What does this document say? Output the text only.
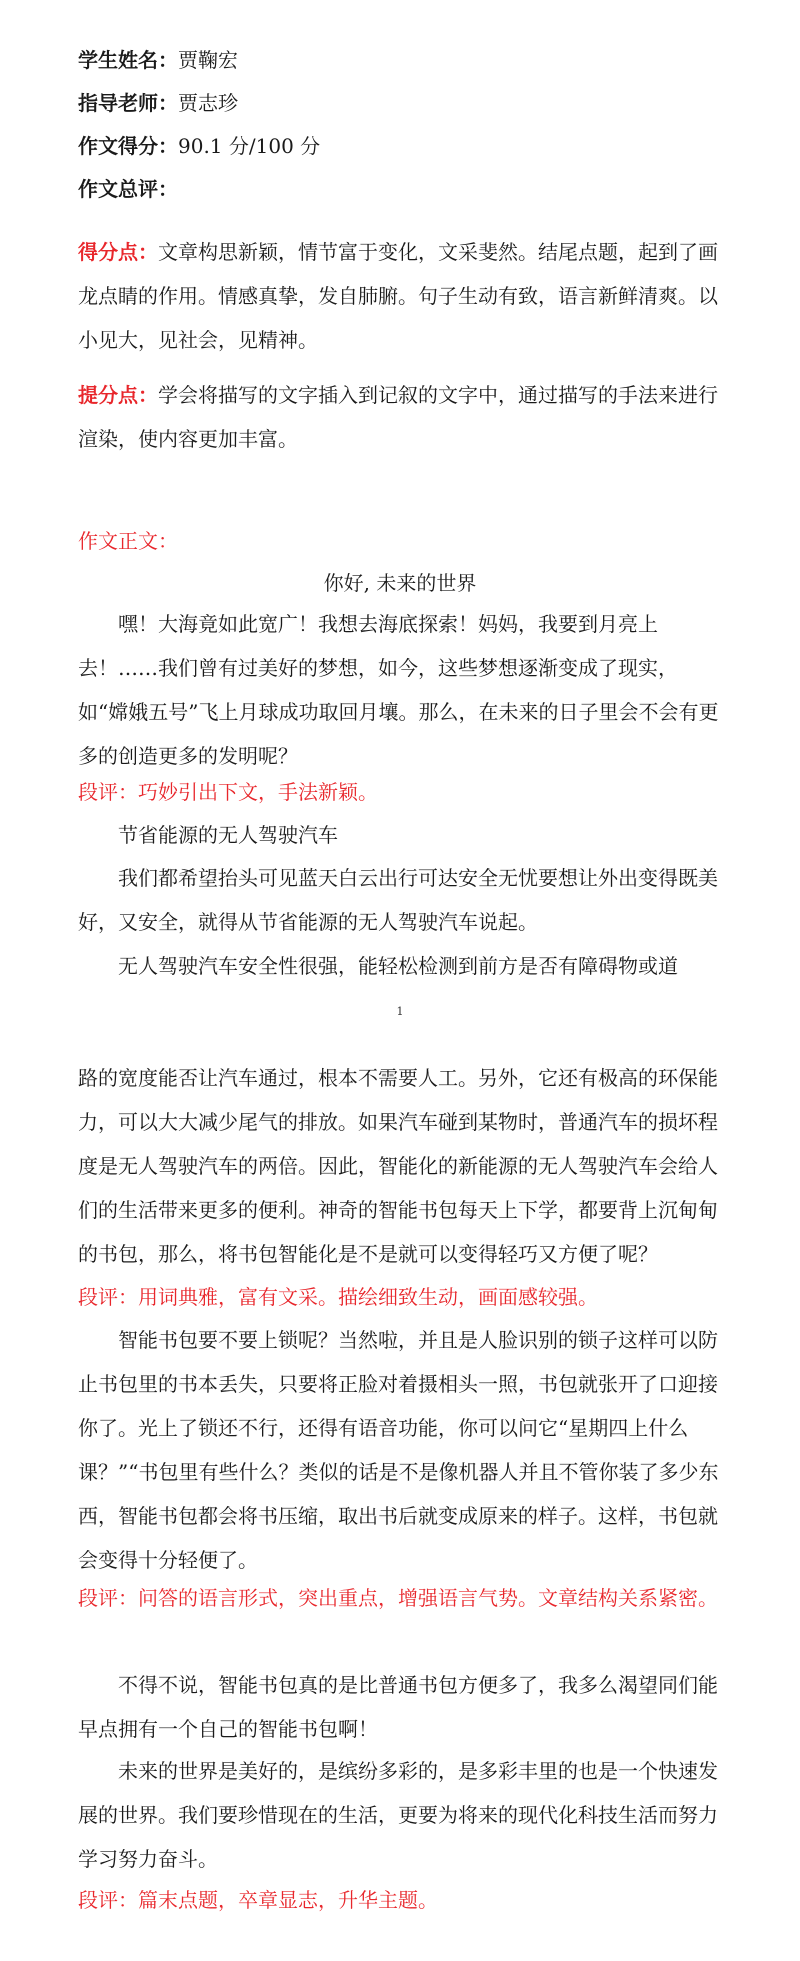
学生姓名：贾鞠宏
指导老师：贾志珍
作文得分：90.1 分/100 分
作文总评：
得分点：文章构思新颖，情节富于变化，文采斐然。结尾点题，起到了画龙点睛的作用。情感真挚，发自肺腑。句子生动有致，语言新鲜清爽。以小见大，见社会，见精神。
提分点：学会将描写的文字插入到记叙的文字中，通过描写的手法来进行渲染，使内容更加丰富。
作文正文：
你好, 未来的世界
嘿！大海竟如此宽广！我想去海底探索！妈妈，我要到月亮上去！……我们曾有过美好的梦想，如今，这些梦想逐渐变成了现实，如“嫦娥五号”飞上月球成功取回月壤。那么，在未来的日子里会不会有更多的创造更多的发明呢？
段评：巧妙引出下文，手法新颖。
节省能源的无人驾驶汽车
我们都希望抬头可见蓝天白云出行可达安全无忧要想让外出变得既美好，又安全，就得从节省能源的无人驾驶汽车说起。
无人驾驶汽车安全性很强，能轻松检测到前方是否有障碍物或道
1
路的宽度能否让汽车通过，根本不需要人工。另外，它还有极高的环保能力，可以大大减少尾气的排放。如果汽车碰到某物时，普通汽车的损坏程度是无人驾驶汽车的两倍。因此，智能化的新能源的无人驾驶汽车会给人们的生活带来更多的便利。神奇的智能书包每天上下学，都要背上沉甸甸的书包，那么，将书包智能化是不是就可以变得轻巧又方便了呢？
段评：用词典雅，富有文采。描绘细致生动，画面感较强。
智能书包要不要上锁呢？当然啦，并且是人脸识别的锁子这样可以防止书包里的书本丢失，只要将正脸对着摄相头一照，书包就张开了口迎接你了。光上了锁还不行，还得有语音功能，你可以问它“星期四上什么课？”“书包里有些什么？类似的话是不是像机器人并且不管你装了多少东西，智能书包都会将书压缩，取出书后就变成原来的样子。这样，书包就会变得十分轻便了。
段评：问答的语言形式，突出重点，增强语言气势。文章结构关系紧密。
不得不说，智能书包真的是比普通书包方便多了，我多么渴望同们能早点拥有一个自己的智能书包啊！
未来的世界是美好的，是缤纷多彩的，是多彩丰里的也是一个快速发展的世界。我们要珍惜现在的生活，更要为将来的现代化科技生活而努力学习努力奋斗。
段评：篇末点题，卒章显志，升华主题。
